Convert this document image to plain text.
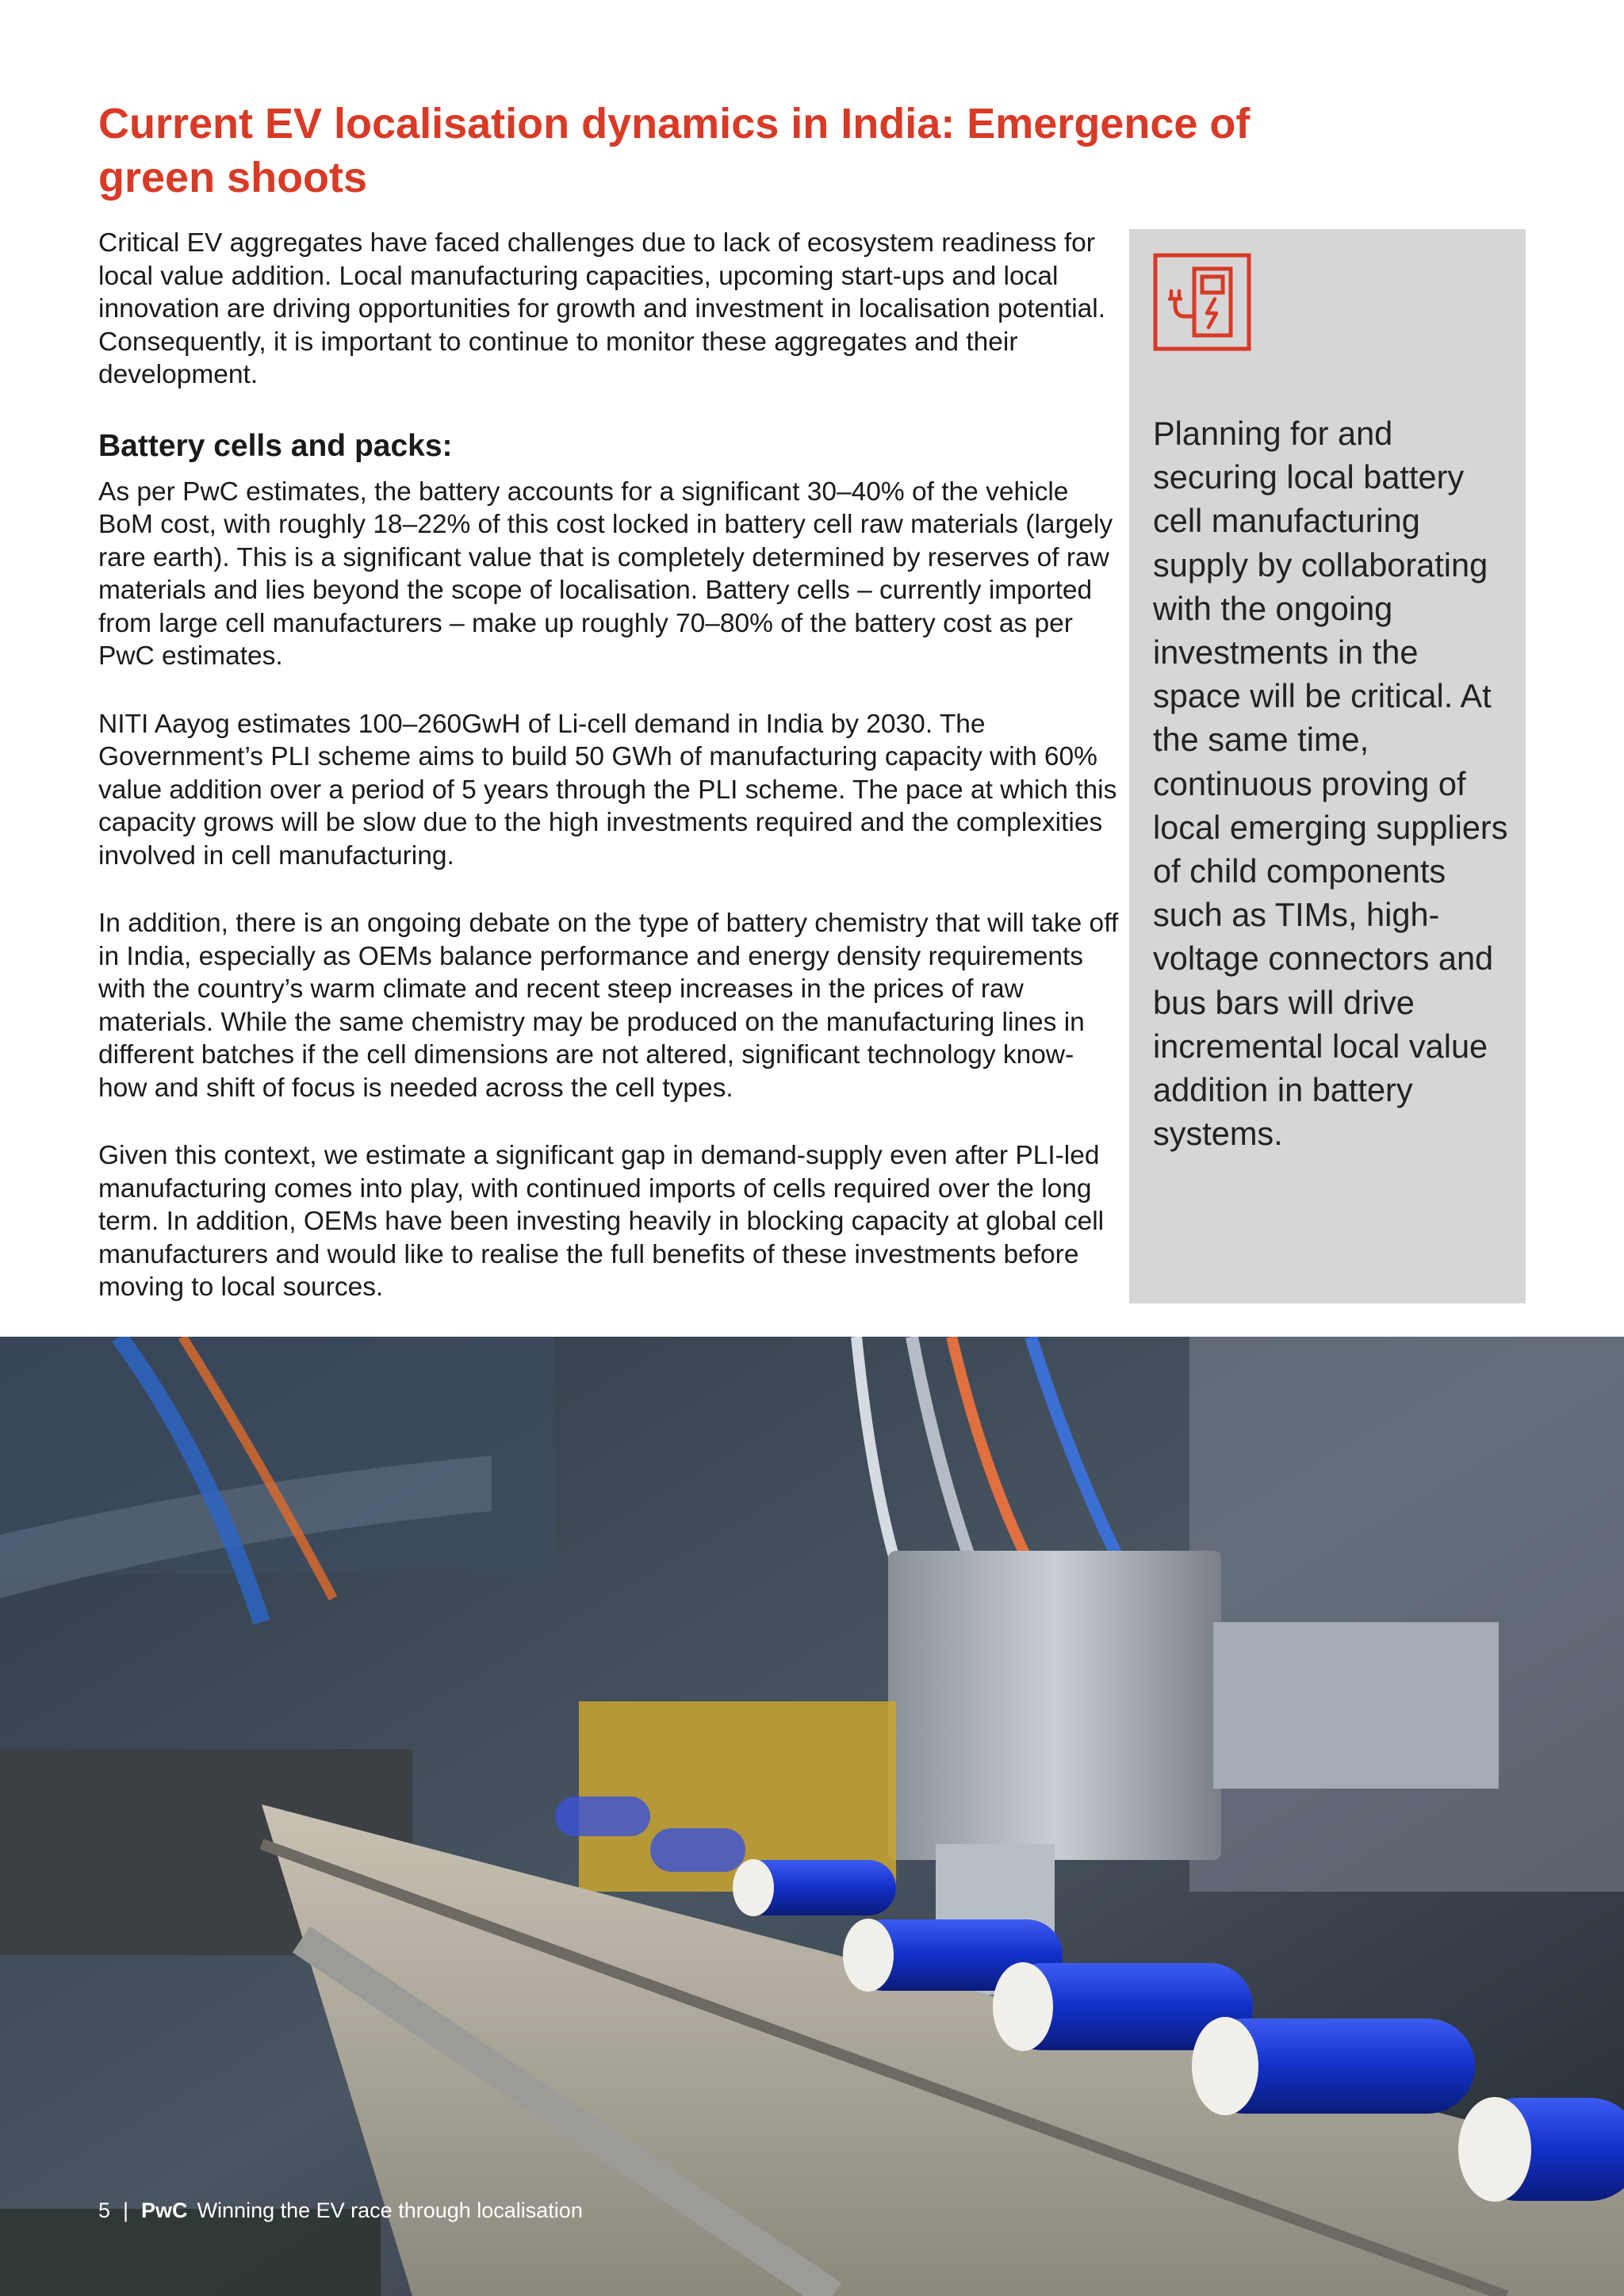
Current EV localisation dynamics in India: Emergence of green shoots

Critical EV aggregates have faced challenges due to lack of ecosystem readiness for local value addition. Local manufacturing capacities, upcoming start-ups and local innovation are driving opportunities for growth and investment in localisation potential. Consequently, it is important to continue to monitor these aggregates and their development.

Battery cells and packs:

As per PwC estimates, the battery accounts for a significant 30–40% of the vehicle BoM cost, with roughly 18–22% of this cost locked in battery cell raw materials (largely rare earth). This is a significant value that is completely determined by reserves of raw materials and lies beyond the scope of localisation. Battery cells – currently imported from large cell manufacturers – make up roughly 70–80% of the battery cost as per PwC estimates.

NITI Aayog estimates 100–260GwH of Li-cell demand in India by 2030. The Government’s PLI scheme aims to build 50 GWh of manufacturing capacity with 60% value addition over a period of 5 years through the PLI scheme. The pace at which this capacity grows will be slow due to the high investments required and the complexities involved in cell manufacturing.

In addition, there is an ongoing debate on the type of battery chemistry that will take off in India, especially as OEMs balance performance and energy density requirements with the country’s warm climate and recent steep increases in the prices of raw materials. While the same chemistry may be produced on the manufacturing lines in different batches if the cell dimensions are not altered, significant technology know-how and shift of focus is needed across the cell types.

Given this context, we estimate a significant gap in demand-supply even after PLI-led manufacturing comes into play, with continued imports of cells required over the long term. In addition, OEMs have been investing heavily in blocking capacity at global cell manufacturers and would like to realise the full benefits of these investments before moving to local sources.

Planning for and securing local battery cell manufacturing supply by collaborating with the ongoing investments in the space will be critical. At the same time, continuous proving of local emerging suppliers of child components such as TIMs, high-voltage connectors and bus bars will drive incremental local value addition in battery systems.

5 | PwC Winning the EV race through localisation
